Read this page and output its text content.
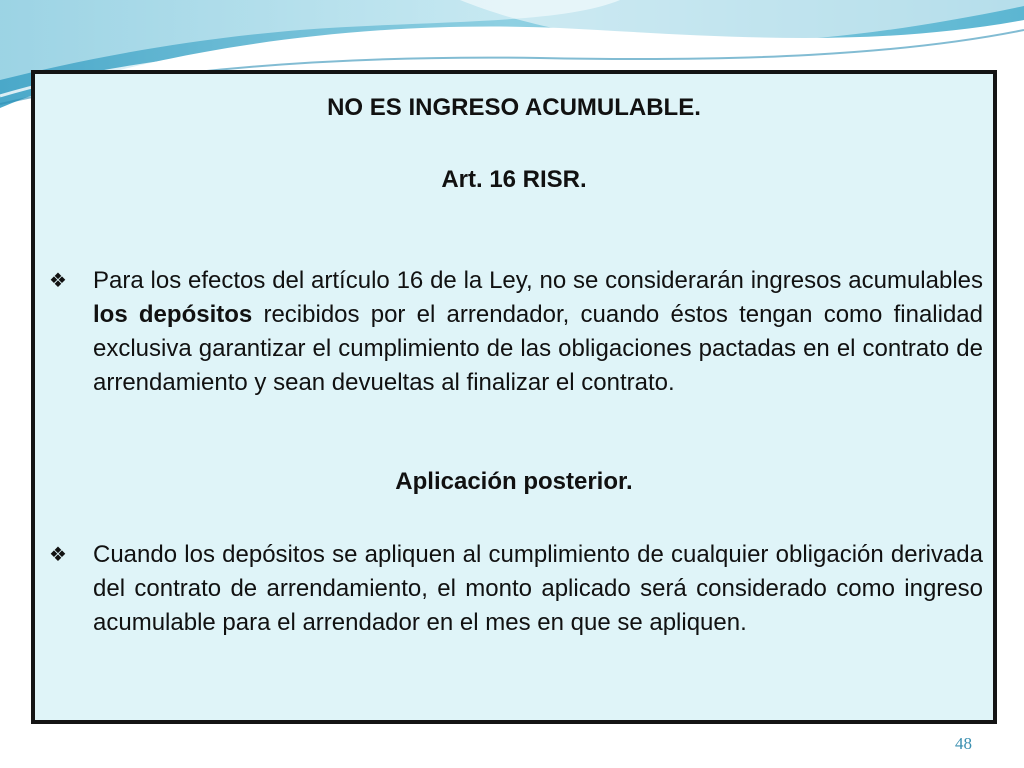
NO ES INGRESO ACUMULABLE.
Art. 16 RISR.
❖	Para los efectos del artículo 16 de la Ley, no se considerarán ingresos acumulables los depósitos recibidos por el arrendador, cuando éstos tengan como finalidad exclusiva garantizar el cumplimiento de las obligaciones pactadas en el contrato de arrendamiento y sean devueltas al finalizar el contrato.

Aplicación posterior.
❖	Cuando los depósitos se apliquen al cumplimiento de cualquier obligación derivada del contrato de arrendamiento, el monto aplicado será considerado como ingreso acumulable para el arrendador en el mes en que se apliquen.

48
